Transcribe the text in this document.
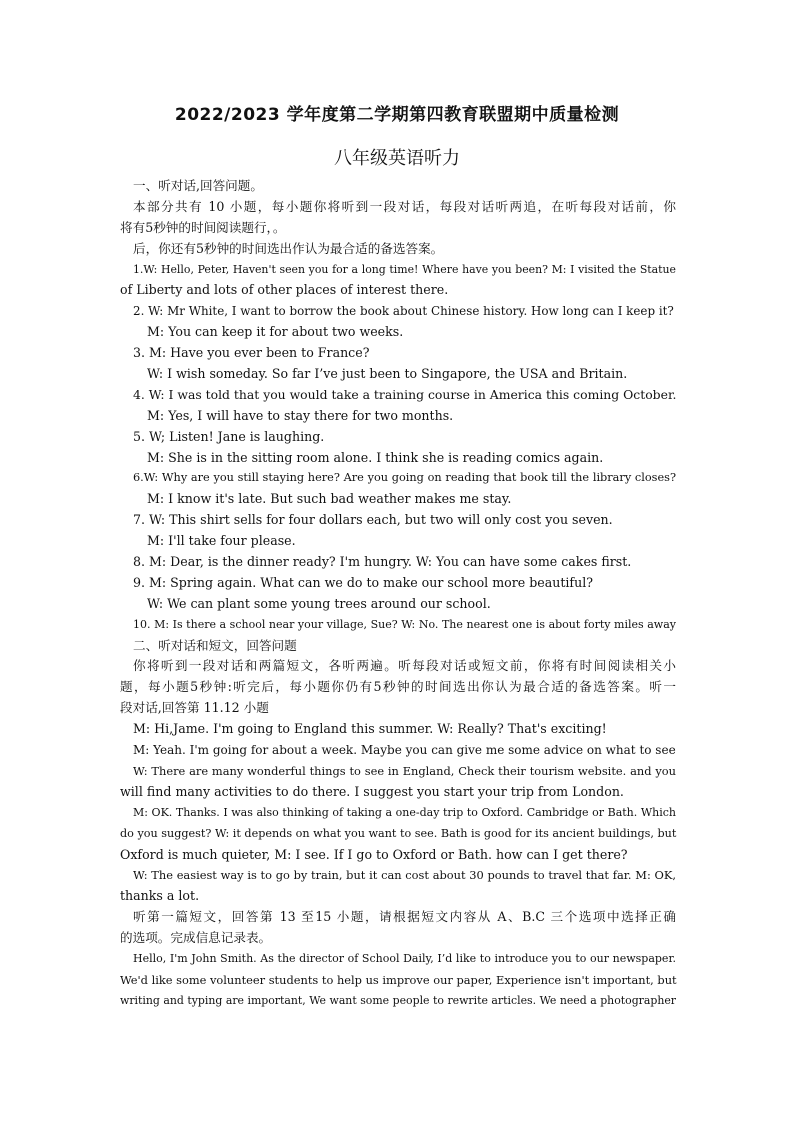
2022/2023 学年度第二学期第四教育联盟期中质量检测
八年级英语听力
一、听对话,回答问题。
本部分共有 10 小题，每小题你将听到一段对话，每段对话听两追，在听每段对话前，你
将有5秒钟的时间阅读题行，。
后，你还有5秒钟的时间选出作认为最合适的备选答案。
1.W: Hello, Peter, Haven't seen you for a long time! Where have you been? M: I visited the Statue
of Liberty and lots of other places of interest there.
2. W: Mr White, I want to borrow the book about Chinese history. How long can I keep it?
M: You can keep it for about two weeks.
3. M: Have you ever been to France?
W: I wish someday. So far I’ve just been to Singapore, the USA and Britain.
4. W: I was told that you would take a training course in America this coming October.
M: Yes, I will have to stay there for two months.
5. W; Listen! Jane is laughing.
M: She is in the sitting room alone. I think she is reading comics again.
6.W: Why are you still staying here? Are you going on reading that book till the library closes?
M: I know it's late. But such bad weather makes me stay.
7. W: This shirt sells for four dollars each, but two will only cost you seven.
M: I'll take four please.
8. M: Dear, is the dinner ready? I'm hungry. W: You can have some cakes first.
9. M: Spring again. What can we do to make our school more beautiful?
W: We can plant some young trees around our school.
10. M: Is there a school near your village, Sue? W: No. The nearest one is about forty miles away
二、听对话和短文，回答问题
你将听到一段对话和两篇短文，各听两遍。听每段对话或短文前，你将有时间阅读相关小
题，每小题5秒钟:听完后，每小题你仍有5秒钟的时间选出你认为最合适的备选答案。听一
段对话,回答第 11.12 小题
M: Hi,Jame. I'm going to England this summer. W: Really? That's exciting!
M: Yeah. I'm going for about a week. Maybe you can give me some advice on what to see
W: There are many wonderful things to see in England, Check their tourism website. and you
will find many activities to do there. I suggest you start your trip from London.
M: OK. Thanks. I was also thinking of taking a one-day trip to Oxford. Cambridge or Bath. Which
do you suggest? W: it depends on what you want to see. Bath is good for its ancient buildings, but
Oxford is much quieter, M: I see. If I go to Oxford or Bath. how can I get there?
W: The easiest way is to go by train, but it can cost about 30 pounds to travel that far. M: OK,
thanks a lot.
听第一篇短文，回答第 13 至15 小题，请根据短文内容从 A、B.C 三个选项中选择正确
的选项。完成信息记录表。
Hello, I'm John Smith. As the director of School Daily, I’d like to introduce you to our newspaper.
We'd like some volunteer students to help us improve our paper, Experience isn't important, but
writing and typing are important, We want some people to rewrite articles. We need a photographer
